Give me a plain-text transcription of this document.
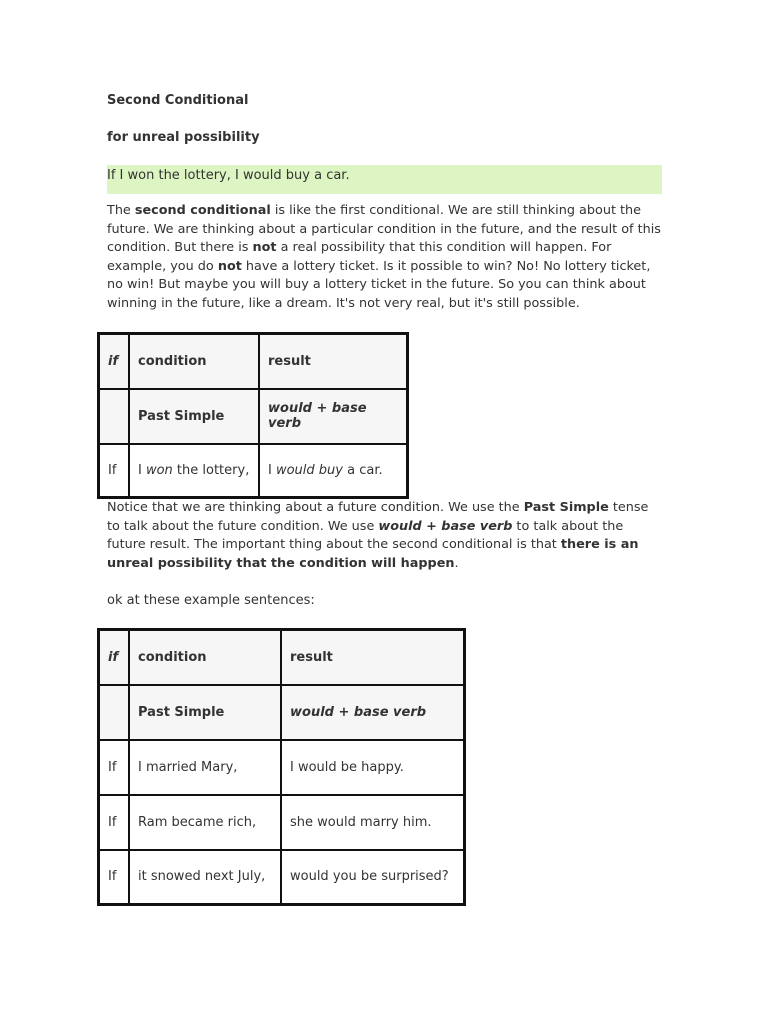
Second Conditional

for unreal possibility

If I won the lottery, I would buy a car.

The second conditional is like the first conditional. We are still thinking about the future. We are thinking about a particular condition in the future, and the result of this condition. But there is not a real possibility that this condition will happen. For example, you do not have a lottery ticket. Is it possible to win? No! No lottery ticket, no win! But maybe you will buy a lottery ticket in the future. So you can think about winning in the future, like a dream. It's not very real, but it's still possible.

Notice that we are thinking about a future condition. We use the Past Simple tense to talk about the future condition. We use would + base verb to talk about the future result. The important thing about the second conditional is that there is an unreal possibility that the condition will happen.

ok at these example sentences:

if	condition	result
	Past Simple	would + base verb
If	I won the lottery,	I would buy a car.
if	condition	result
	Past Simple	would + base verb
If	I married Mary,	I would be happy.
If	Ram became rich,	she would marry him.
If	it snowed next July,	would you be surprised?
